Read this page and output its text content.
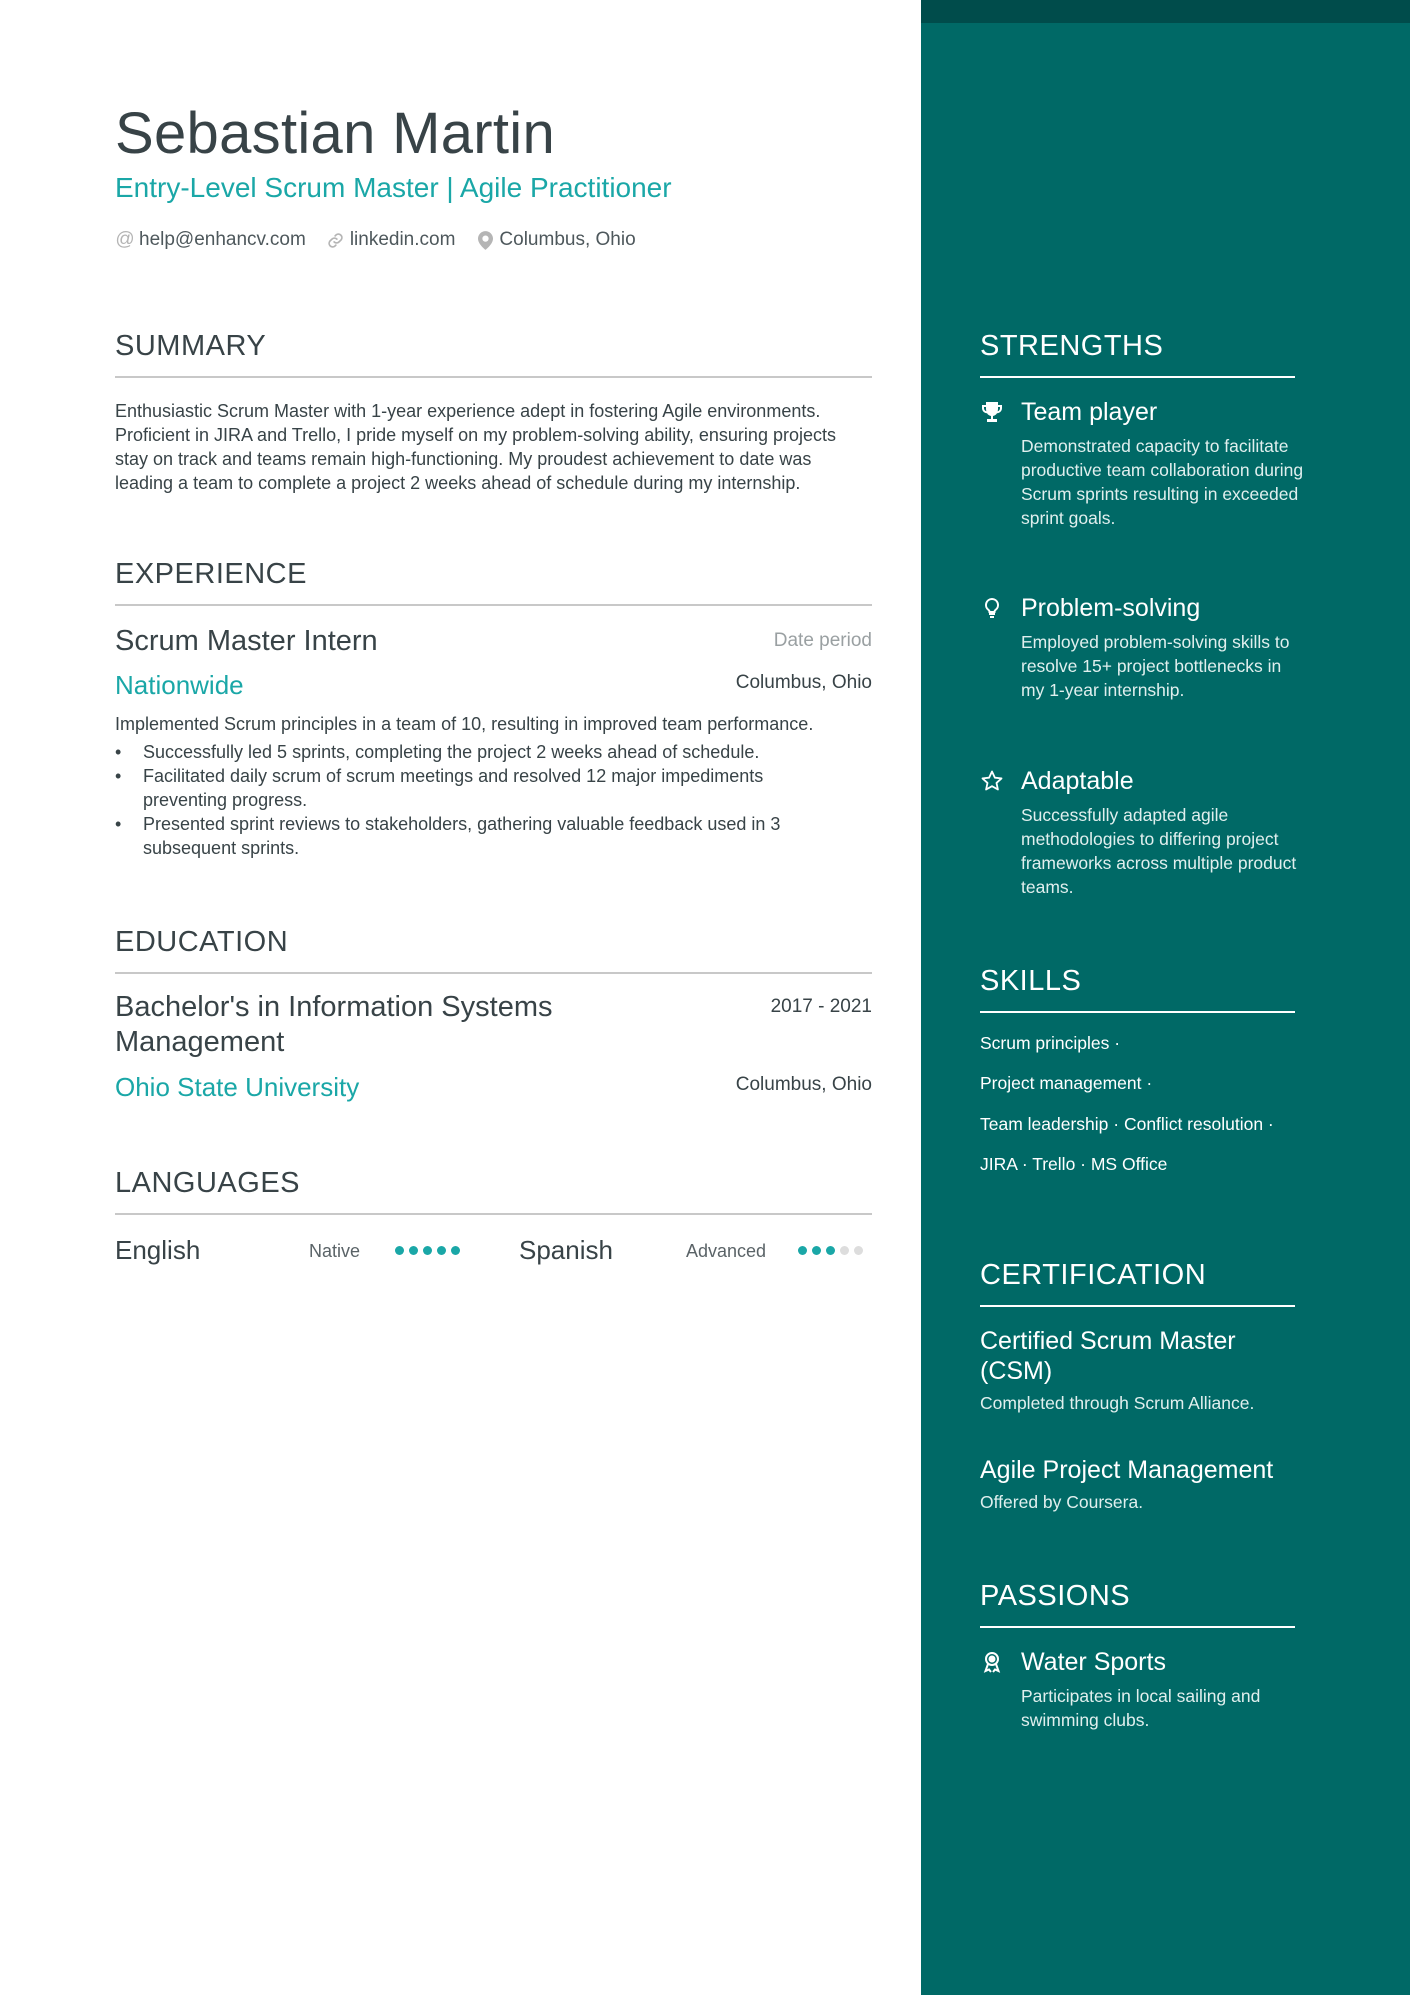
Sebastian Martin
Entry-Level Scrum Master | Agile Practitioner
@ help@enhancv.com linkedin.com Columbus, Ohio
SUMMARY
Enthusiastic Scrum Master with 1-year experience adept in fostering Agile environments. Proficient in JIRA and Trello, I pride myself on my problem-solving ability, ensuring projects stay on track and teams remain high-functioning. My proudest achievement to date was leading a team to complete a project 2 weeks ahead of schedule during my internship.
EXPERIENCE
Scrum Master Intern	Date period
Nationwide	Columbus, Ohio
Implemented Scrum principles in a team of 10, resulting in improved team performance.
• Successfully led 5 sprints, completing the project 2 weeks ahead of schedule.
• Facilitated daily scrum of scrum meetings and resolved 12 major impediments preventing progress.
• Presented sprint reviews to stakeholders, gathering valuable feedback used in 3 subsequent sprints.
EDUCATION
Bachelor's in Information Systems Management
2017 - 2021
Ohio State University	Columbus, Ohio
LANGUAGES
English	Native	Spanish	Advanced
STRENGTHS
Team player
Demonstrated capacity to facilitate productive team collaboration during Scrum sprints resulting in exceeded sprint goals.
Problem-solving
Employed problem-solving skills to resolve 15+ project bottlenecks in my 1-year internship.
Adaptable
Successfully adapted agile methodologies to differing project frameworks across multiple product teams.
SKILLS
Scrum principles ·
Project management ·
Team leadership · Conflict resolution ·
JIRA · Trello · MS Office
CERTIFICATION
Certified Scrum Master (CSM)
Completed through Scrum Alliance.
Agile Project Management
Offered by Coursera.
PASSIONS
Water Sports
Participates in local sailing and swimming clubs.
